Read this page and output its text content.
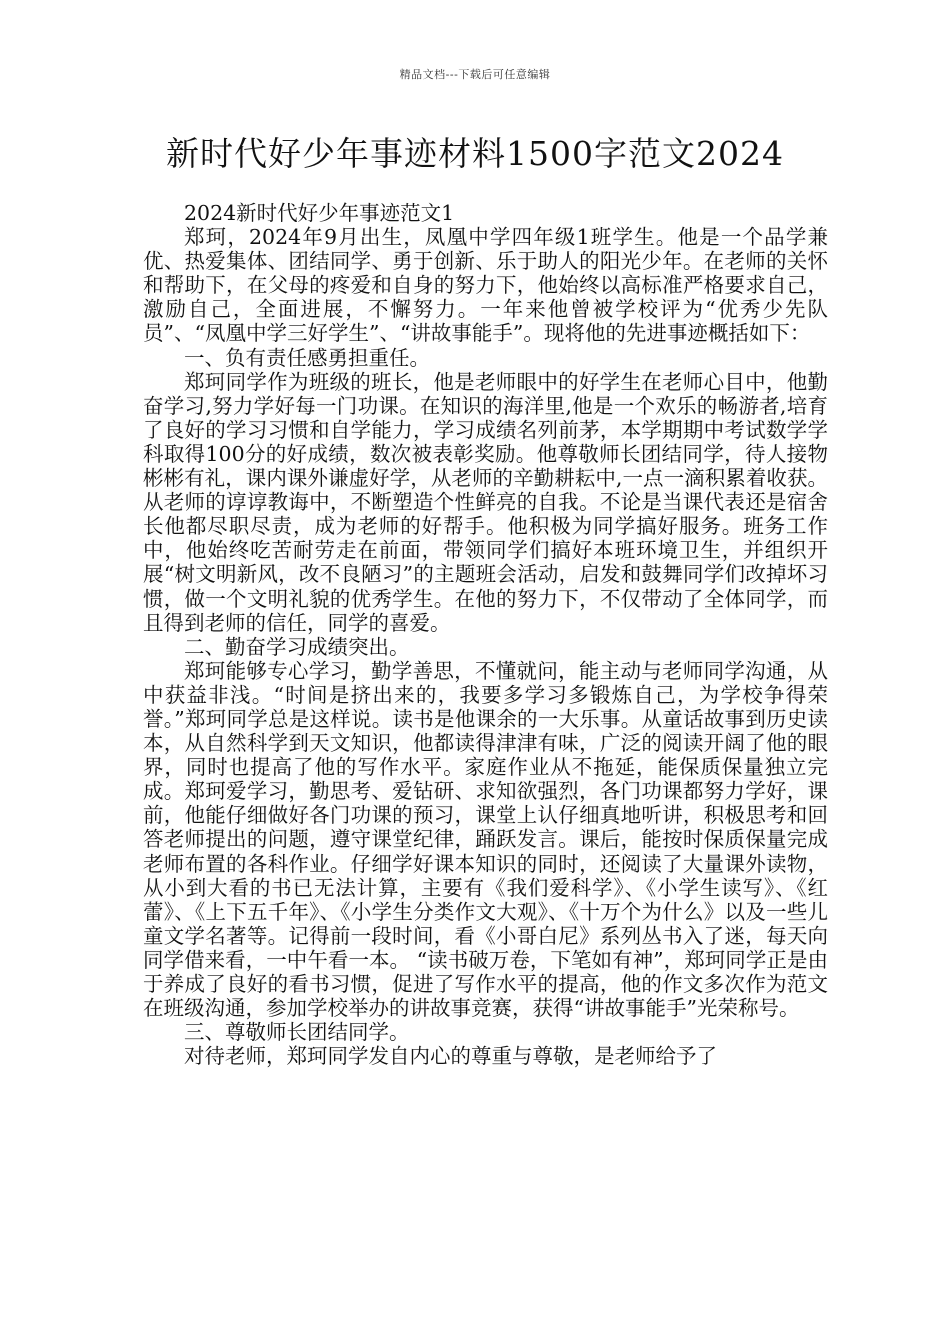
精品文档---下载后可任意编辑
新时代好少年事迹材料1500字范文2024

2024新时代好少年事迹范文1

郑珂，2024年9月出生，凤凰中学四年级1班学生。他是一个品学兼优、热爱集体、团结同学、勇于创新、乐于助人的阳光少年。在老师的关怀和帮助下，在父母的疼爱和自身的努力下，他始终以高标准严格要求自己，激励自己，全面进展，不懈努力。一年来他曾被学校评为“优秀少先队员”、“凤凰中学三好学生”、“讲故事能手”。现将他的先进事迹概括如下：

一、负有责任感勇担重任。

郑珂同学作为班级的班长，他是老师眼中的好学生在老师心目中，他勤奋学习,努力学好每一门功课。在知识的海洋里,他是一个欢乐的畅游者,培育了良好的学习习惯和自学能力，学习成绩名列前茅，本学期期中考试数学学科取得100分的好成绩，数次被表彰奖励。他尊敬师长团结同学，待人接物彬彬有礼，课内课外谦虚好学，从老师的辛勤耕耘中,一点一滴积累着收获。从老师的谆谆教诲中，不断塑造个性鲜亮的自我。不论是当课代表还是宿舍长他都尽职尽责，成为老师的好帮手。他积极为同学搞好服务。班务工作中，他始终吃苦耐劳走在前面，带领同学们搞好本班环境卫生，并组织开展“树文明新风，改不良陋习”的主题班会活动，启发和鼓舞同学们改掉坏习惯，做一个文明礼貌的优秀学生。在他的努力下，不仅带动了全体同学，而且得到老师的信任，同学的喜爱。

二、勤奋学习成绩突出。

郑珂能够专心学习，勤学善思，不懂就问，能主动与老师同学沟通，从中获益非浅。“时间是挤出来的，我要多学习多锻炼自己，为学校争得荣誉。”郑珂同学总是这样说。读书是他课余的一大乐事。从童话故事到历史读本，从自然科学到天文知识，他都读得津津有味，广泛的阅读开阔了他的眼界，同时也提高了他的写作水平。家庭作业从不拖延，能保质保量独立完成。郑珂爱学习，勤思考、爱钻研、求知欲强烈，各门功课都努力学好，课前，他能仔细做好各门功课的预习，课堂上认仔细真地听讲，积极思考和回答老师提出的问题，遵守课堂纪律，踊跃发言。课后，能按时保质保量完成老师布置的各科作业。仔细学好课本知识的同时，还阅读了大量课外读物，从小到大看的书已无法计算，主要有《我们爱科学》、《小学生读写》、《红蕾》、《上下五千年》、《小学生分类作文大观》、《十万个为什么》以及一些儿童文学名著等。记得前一段时间，看《小哥白尼》系列丛书入了迷，每天向同学借来看，一中午看一本。 “读书破万卷，下笔如有神”，郑珂同学正是由于养成了良好的看书习惯，促进了写作水平的提高，他的作文多次作为范文在班级沟通，参加学校举办的讲故事竞赛，获得“讲故事能手”光荣称号。

三、尊敬师长团结同学。

对待老师，郑珂同学发自内心的尊重与尊敬，是老师给予了
